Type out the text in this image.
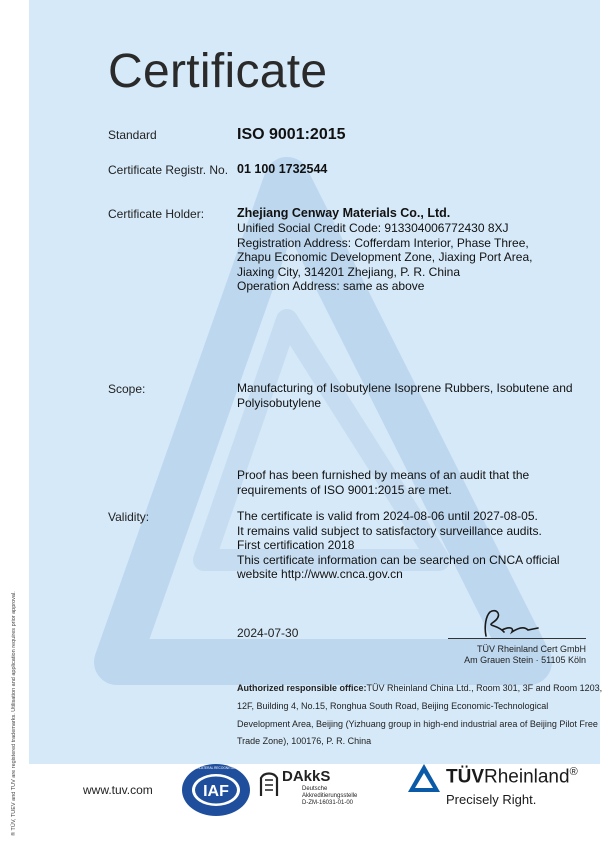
® TÜV, TUEV and TUV are registered trademarks. Utilisation and application requires prior approval.
Certificate
Standard	ISO 9001:2015
Certificate Registr. No. 01 100 1732544
Certificate Holder:	Zhejiang Cenway Materials Co., Ltd.
Unified Social Credit Code: 913304006772430 8XJ
Registration Address: Cofferdam Interior, Phase Three,
Zhapu Economic Development Zone, Jiaxing Port Area,
Jiaxing City, 314201 Zhejiang, P. R. China
Operation Address: same as above
Scope:	Manufacturing of Isobutylene Isoprene Rubbers, Isobutene and
Polyisobutylene
Proof has been furnished by means of an audit that the
requirements of ISO 9001:2015 are met.
Validity:	The certificate is valid from 2024-08-06 until 2027-08-05.
It remains valid subject to satisfactory surveillance audits.
First certification 2018
This certificate information can be searched on CNCA official
website http://www.cnca.gov.cn
2024-07-30
TÜV Rheinland Cert GmbH
Am Grauen Stein · 51105 Köln
Authorized responsible office:TÜV Rheinland China Ltd., Room 301, 3F and Room 1203,
12F, Building 4, No.15, Ronghua South Road, Beijing Economic-Technological
Development Area, Beijing (Yizhuang group in high-end industrial area of Beijing Pilot Free
Trade Zone), 100176, P. R. China
www.tuv.com	IAF
MEMBER OF MULTILATERAL RECOGNITION ARRANGEMENT DAkkS
Deutsche
Akkreditierungsstelle
D-ZM-16031-01-00
TÜVRheinland®
Precisely Right.
